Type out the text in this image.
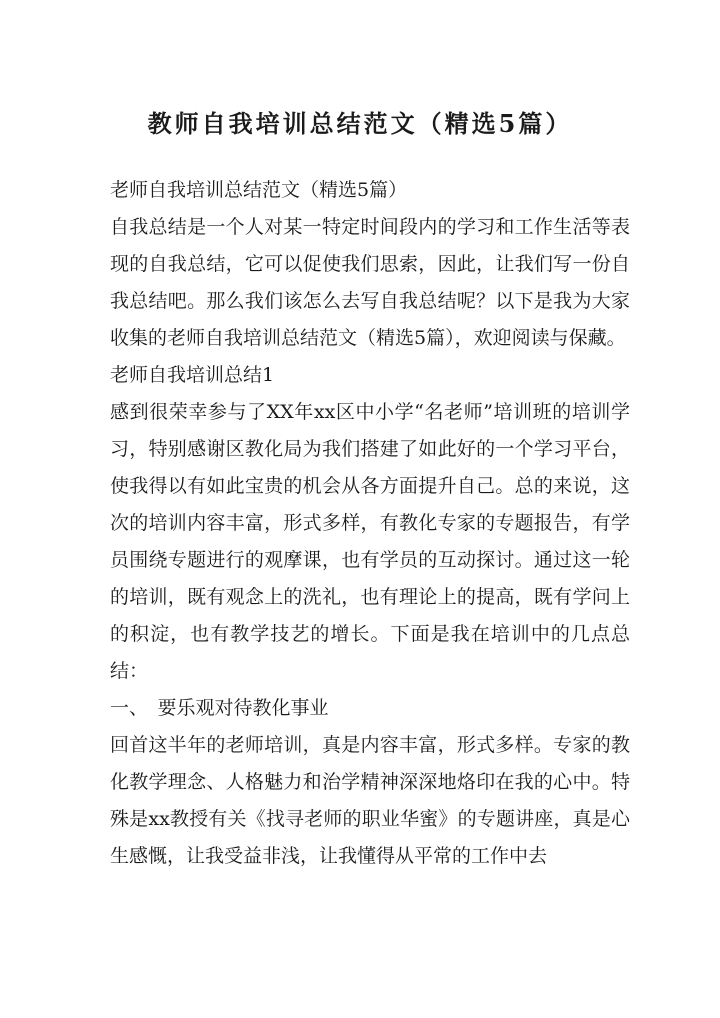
教师自我培训总结范文（精选5篇）

老师自我培训总结范文（精选5篇）

自我总结是一个人对某一特定时间段内的学习和工作生活等表现的自我总结，它可以促使我们思索，因此，让我们写一份自我总结吧。那么我们该怎么去写自我总结呢？以下是我为大家收集的老师自我培训总结范文（精选5篇），欢迎阅读与保藏。

老师自我培训总结1

感到很荣幸参与了XX年xx区中小学“名老师”培训班的培训学习，特别感谢区教化局为我们搭建了如此好的一个学习平台，使我得以有如此宝贵的机会从各方面提升自己。总的来说，这次的培训内容丰富，形式多样，有教化专家的专题报告，有学员围绕专题进行的观摩课，也有学员的互动探讨。通过这一轮的培训，既有观念上的洗礼，也有理论上的提高，既有学问上的积淀，也有教学技艺的增长。下面是我在培训中的几点总结：

一、　要乐观对待教化事业

回首这半年的老师培训，真是内容丰富，形式多样。专家的教化教学理念、人格魅力和治学精神深深地烙印在我的心中。特殊是xx教授有关《找寻老师的职业华蜜》的专题讲座，真是心生感慨，让我受益非浅，让我懂得从平常的工作中去
